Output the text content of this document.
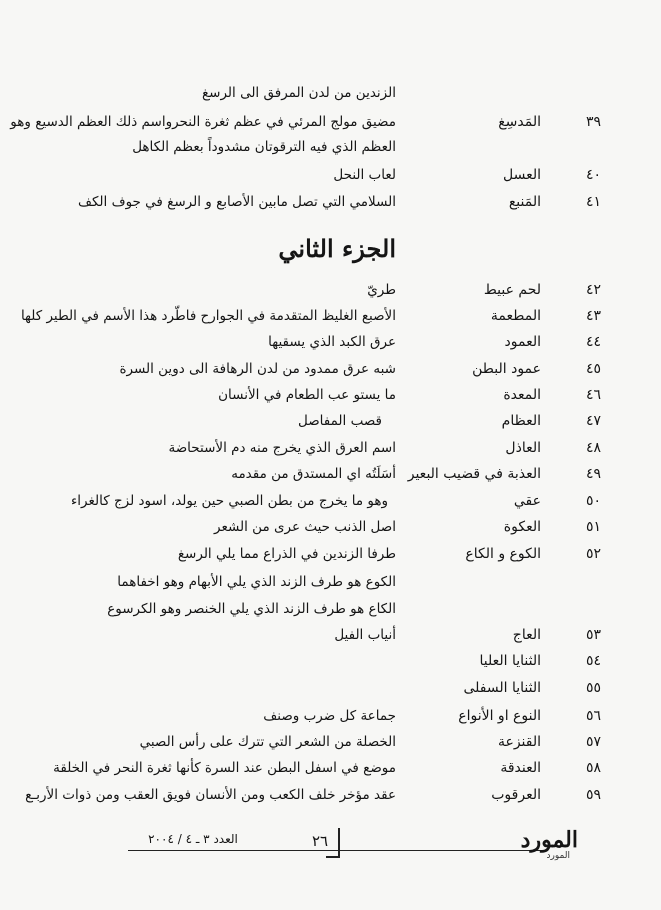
الزندين من لدن المرفق الى الرسغ
٣٩
المَدسِغ
مضيق مولج المرئي في عظم ثغرة النحرواسم ذلك العظم الدسيع وهو
العظم الذي فيه الترقوتان مشدوداً بعظم الكاهل
٤٠
العسل
لعاب النحل
٤١
المَنبع
السلامي التي تصل مابين الأصابع و الرسغ في جوف الكف
الجزء الثاني
٤٢
لحم عبيط
طريّ
٤٣
المطعمة
الأصبع الغليظ المتقدمة في الجوارح فاطّرد هذا الأسم في الطير كلها
٤٤
العمود
عرق الكبد الذي يسقيها
٤٥
عمود البطن
شبه عرق ممدود من لدن الرهافة الى دوين السرة
٤٦
المعدة
ما يستو عب الطعام في الأنسان
٤٧
العظام
قصب المفاصل
٤٨
العاذل
اسم العرق الذي يخرج منه دم الأستحاضة
٤٩
العذبة في قضيب البعير
أسَلَتُه اي المستدق من مقدمه
٥٠
عقي
وهو ما يخرج من بطن الصبي حين يولد، اسود لزج كالغراء
٥١
العكوة
اصل الذنب حيث عرى من الشعر
٥٢
الكوع و الكاع
طرفا الزندين في الذراع مما يلي الرسغ
الكوع هو طرف الزند الذي يلي الأبهام وهو اخفاهما
الكاع هو طرف الزند الذي يلي الخنصر وهو الكرسوع
٥٣
العاج
أنياب الفيل
٥٤
الثنايا العليا
٥٥
الثنايا السفلى
٥٦
النوع او الأنواع
جماعة كل ضرب وصنف
٥٧
القنزعة
الخصلة من الشعر التي تترك على رأس الصبي
٥٨
العندقة
موضع في اسفل البطن عند السرة كأنها ثغرة النحر في الخلقة
٥٩
العرقوب
عقد مؤخر خلف الكعب ومن الأنسان فويق العقب ومن ذوات الأربـع
٢٦
العدد ٣ ـ ٤ / ٢٠٠٤	المورد
المورد
